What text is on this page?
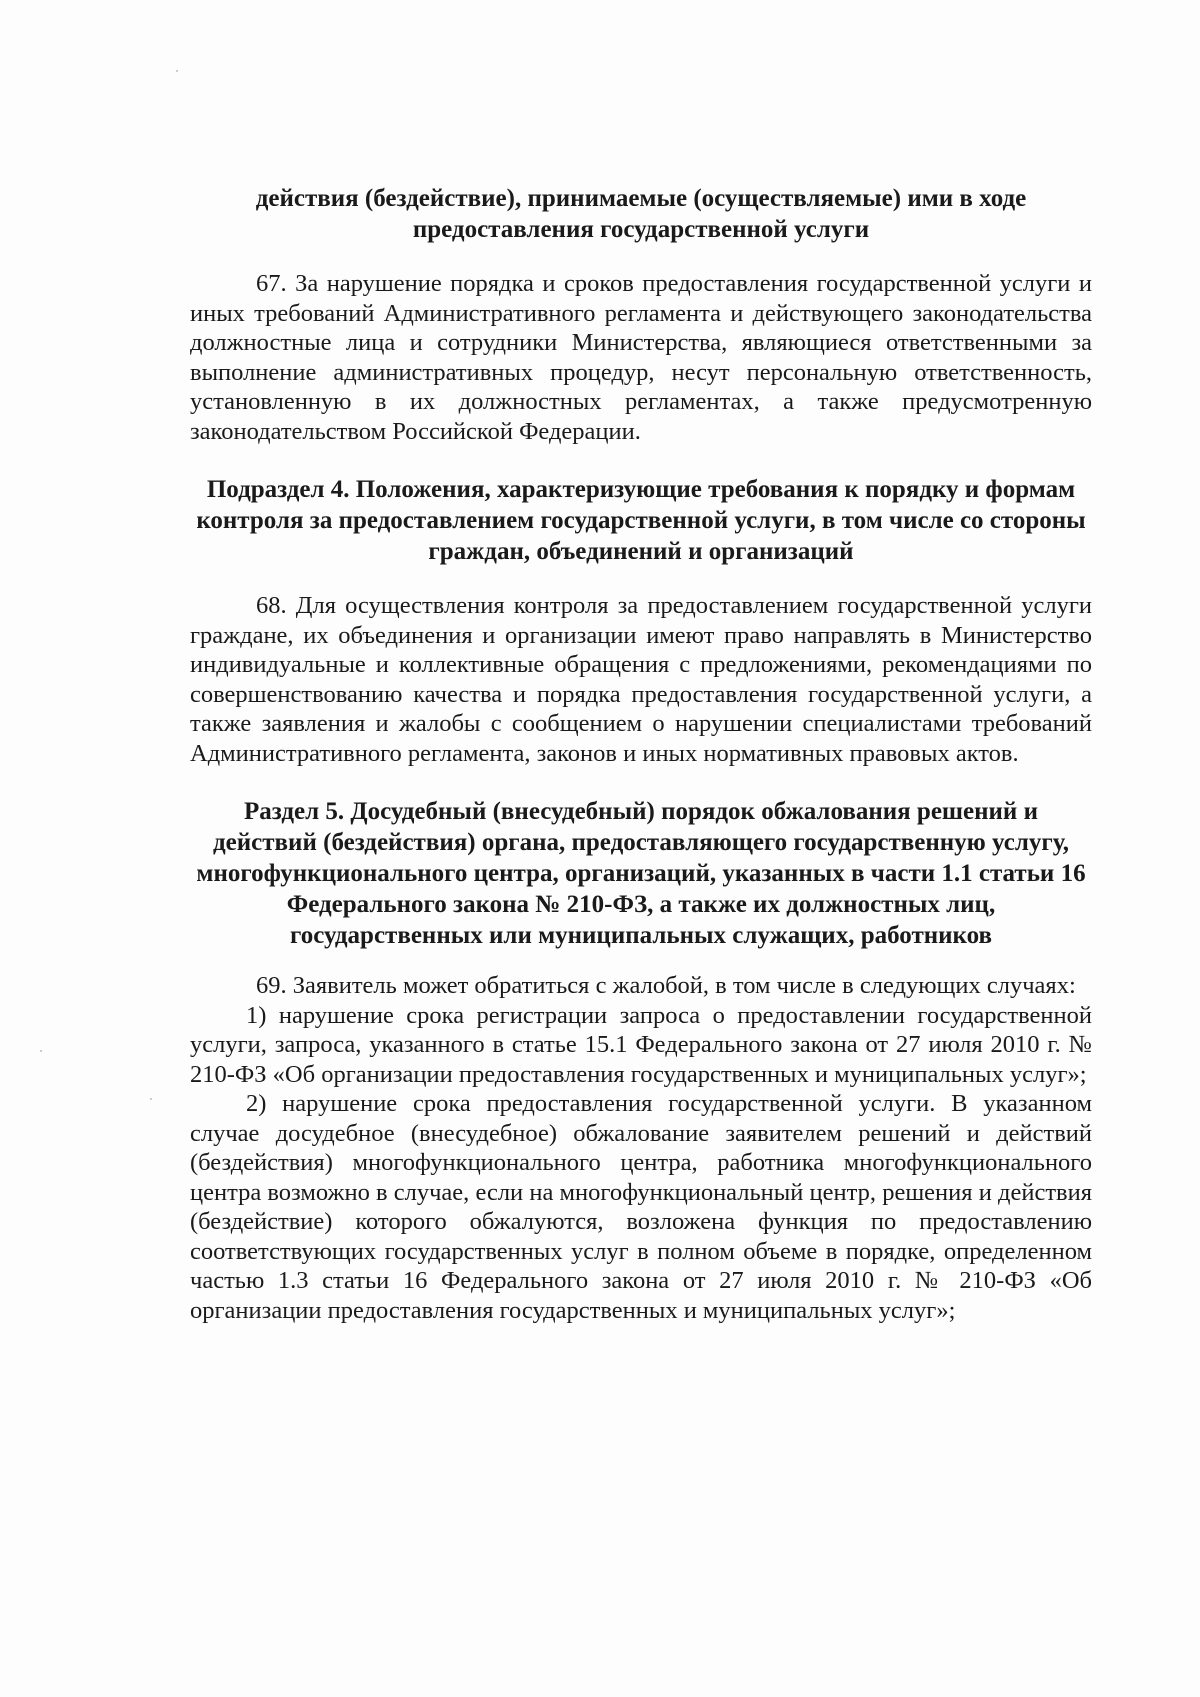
действия (бездействие), принимаемые (осуществляемые) ими в ходе предоставления государственной услуги

67. За нарушение порядка и сроков предоставления государственной услуги и иных требований Административного регламента и действующего законодательства должностные лица и сотрудники Министерства, являющиеся ответственными за выполнение административных процедур, несут персональную ответственность, установленную в их должностных регламентах, а также предусмотренную законодательством Российской Федерации.

Подраздел 4. Положения, характеризующие требования к порядку и формам контроля за предоставлением государственной услуги, в том числе со стороны граждан, объединений и организаций

68. Для осуществления контроля за предоставлением государственной услуги граждане, их объединения и организации имеют право направлять в Министерство индивидуальные и коллективные обращения с предложениями, рекомендациями по совершенствованию качества и порядка предоставления государственной услуги, а также заявления и жалобы с сообщением о нарушении специалистами требований Административного регламента, законов и иных нормативных правовых актов.

Раздел 5. Досудебный (внесудебный) порядок обжалования решений и действий (бездействия) органа, предоставляющего государственную услугу, многофункционального центра, организаций, указанных в части 1.1 статьи 16 Федерального закона № 210-ФЗ, а также их должностных лиц, государственных или муниципальных служащих, работников

69. Заявитель может обратиться с жалобой, в том числе в следующих случаях:

1) нарушение срока регистрации запроса о предоставлении государственной услуги, запроса, указанного в статье 15.1 Федерального закона от 27 июля 2010 г. № 210-ФЗ «Об организации предоставления государственных и муниципальных услуг»;

2) нарушение срока предоставления государственной услуги. В указанном случае досудебное (внесудебное) обжалование заявителем решений и действий (бездействия) многофункционального центра, работника многофункционального центра возможно в случае, если на многофункциональный центр, решения и действия (бездействие) которого обжалуются, возложена функция по предоставлению соответствующих государственных услуг в полном объеме в порядке, определенном частью 1.3 статьи 16 Федерального закона от 27 июля 2010 г. № 210-ФЗ «Об организации предоставления государственных и муниципальных услуг»;
